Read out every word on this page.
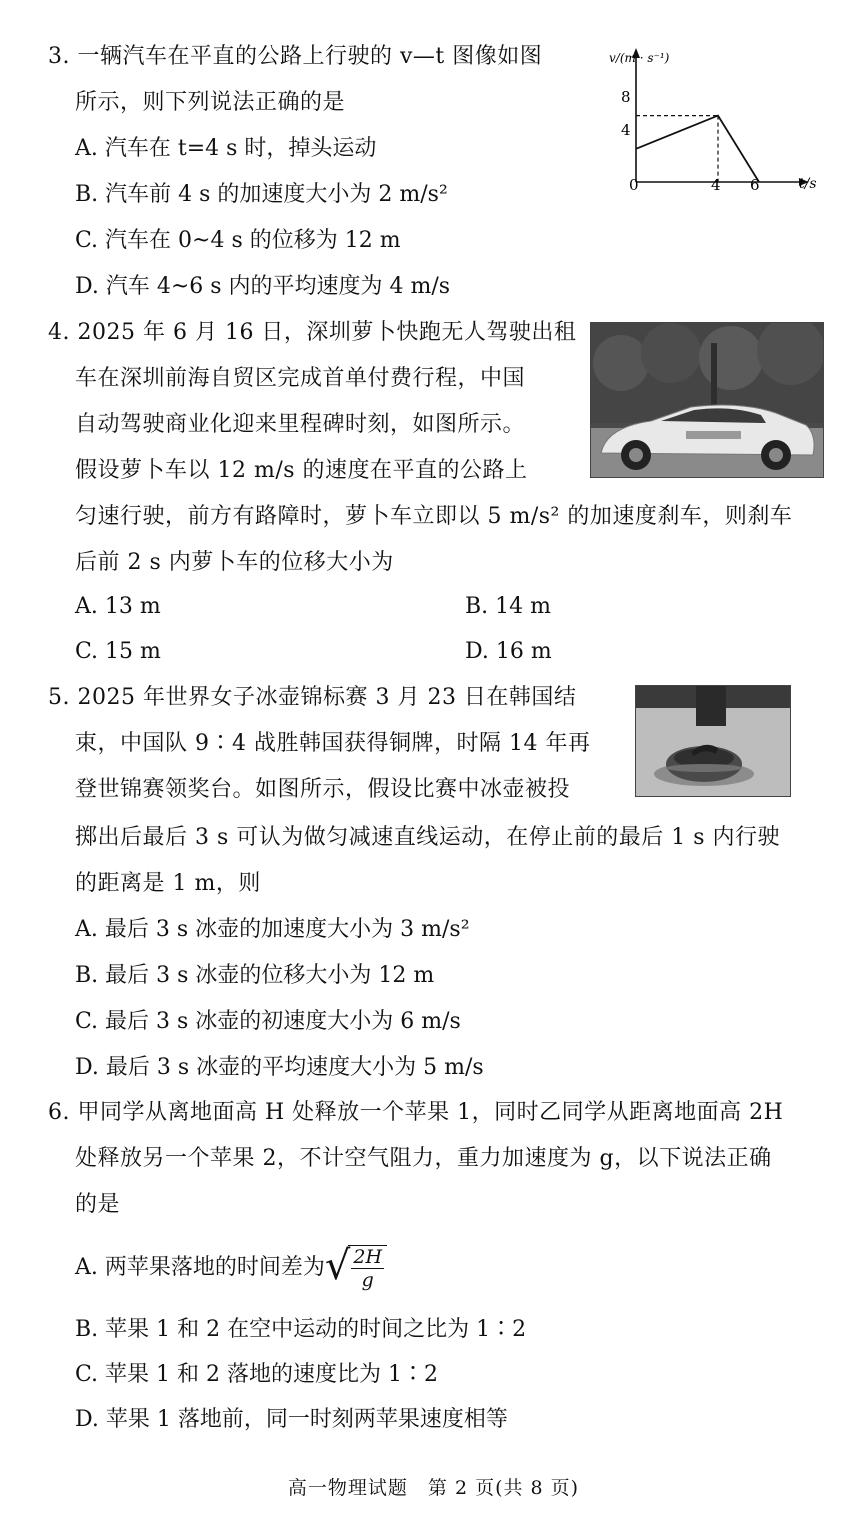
3. 一辆汽车在平直的公路上行驶的 v—t 图像如图
所示，则下列说法正确的是
A. 汽车在 t=4 s 时，掉头运动
B. 汽车前 4 s 的加速度大小为 2 m/s²
C. 汽车在 0~4 s 的位移为 12 m
D. 汽车 4~6 s 内的平均速度为 4 m/s
v/(m · s⁻¹)
t/s
8
4
0	4 6
4. 2025 年 6 月 16 日，深圳萝卜快跑无人驾驶出租
车在深圳前海自贸区完成首单付费行程，中国
自动驾驶商业化迎来里程碑时刻，如图所示。
假设萝卜车以 12 m/s 的速度在平直的公路上
匀速行驶，前方有路障时，萝卜车立即以 5 m/s² 的加速度刹车，则刹车
后前 2 s 内萝卜车的位移大小为
A. 13 m	B. 14 m
C. 15 m	D. 16 m
5. 2025 年世界女子冰壶锦标赛 3 月 23 日在韩国结
束，中国队 9∶4 战胜韩国获得铜牌，时隔 14 年再
登世锦赛领奖台。如图所示，假设比赛中冰壶被投
掷出后最后 3 s 可认为做匀减速直线运动，在停止前的最后 1 s 内行驶
的距离是 1 m，则
A. 最后 3 s 冰壶的加速度大小为 3 m/s²
B. 最后 3 s 冰壶的位移大小为 12 m
C. 最后 3 s 冰壶的初速度大小为 6 m/s
D. 最后 3 s 冰壶的平均速度大小为 5 m/s
6. 甲同学从离地面高 H 处释放一个苹果 1，同时乙同学从距离地面高 2H
处释放另一个苹果 2，不计空气阻力，重力加速度为 g，以下说法正确
的是
A. 两苹果落地的时间差为 √
$\frac{2H}{g}$
B. 苹果 1 和 2 在空中运动的时间之比为 1∶2
C. 苹果 1 和 2 落地的速度比为 1∶2
D. 苹果 1 落地前，同一时刻两苹果速度相等
高一物理试题　第 2 页(共 8 页)
